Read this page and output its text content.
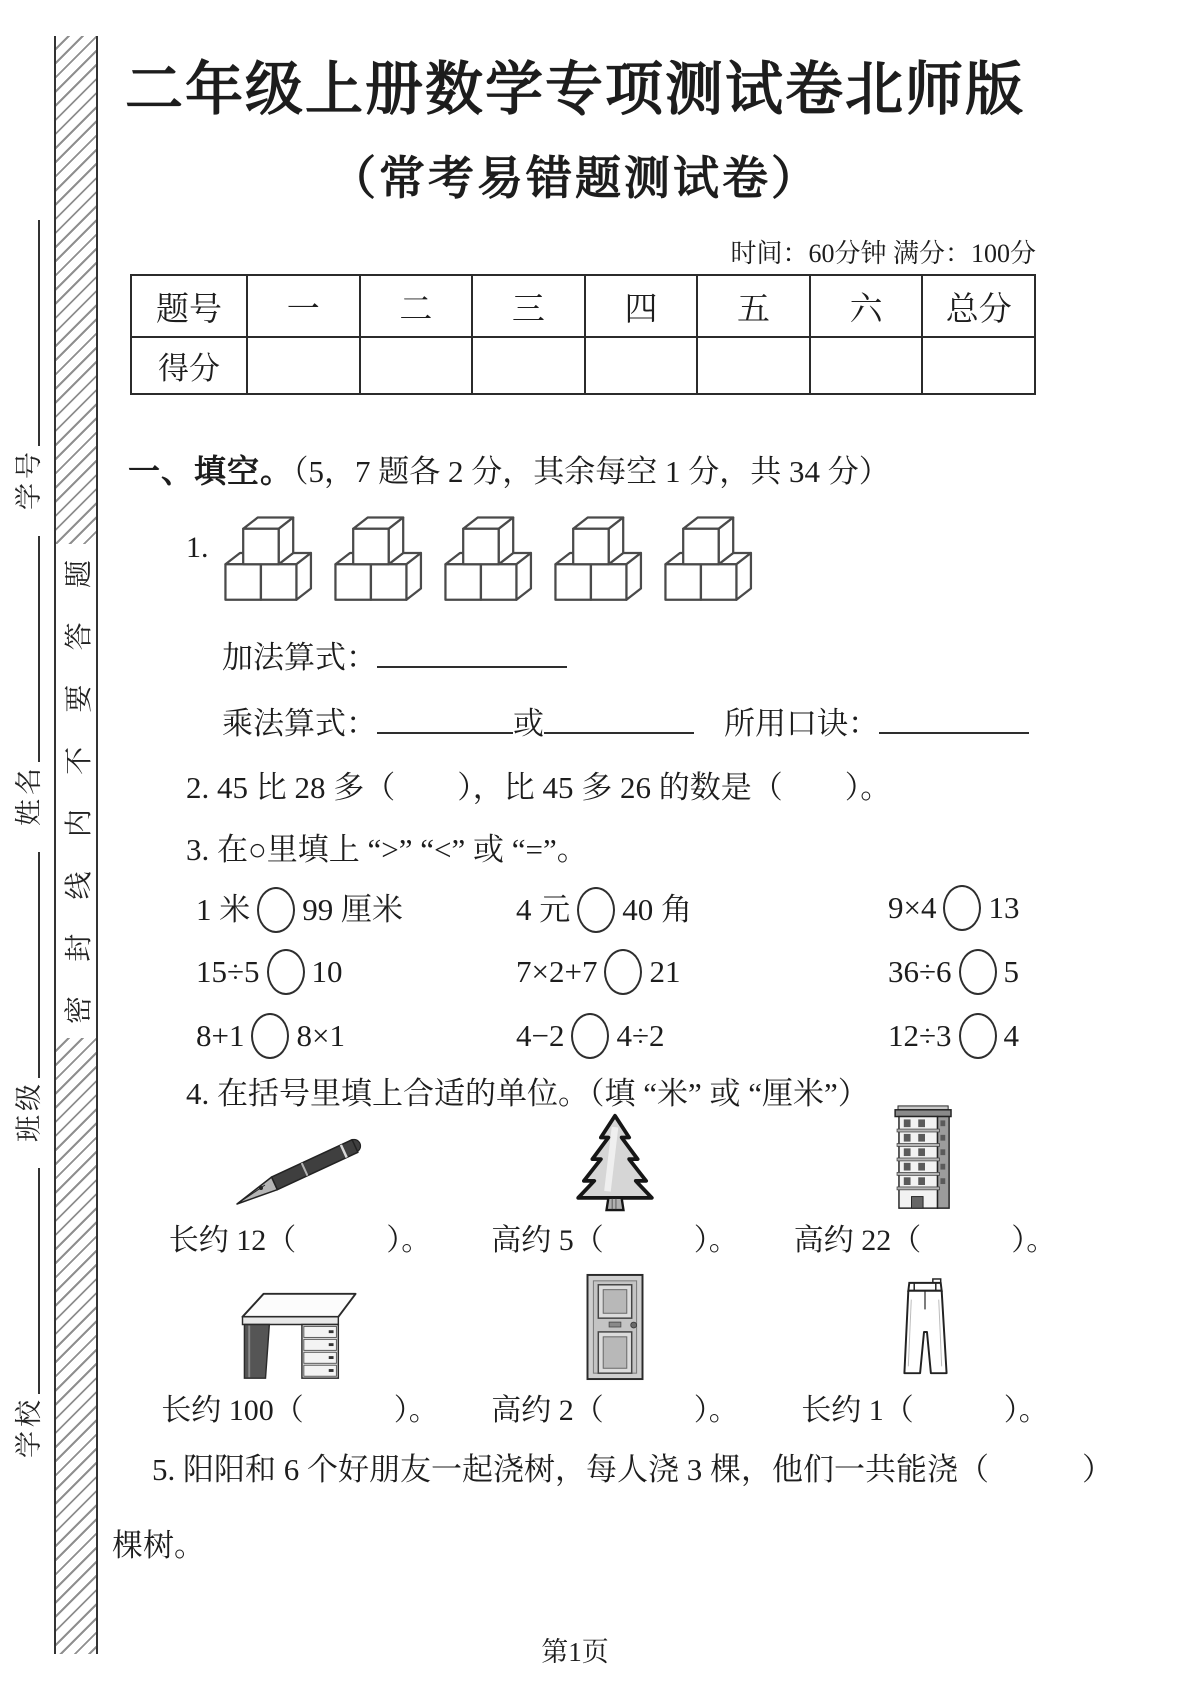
学校
班级
姓名
学号
密
封
线
内
不
要
答
题
二年级上册数学专项测试卷北师版
（常考易错题测试卷）
时间：60分钟 满分：100分
题号	一	二	三	四	五	六	总分
得分							
一、填空。（5，7 题各 2 分，其余每空 1 分，共 34 分）
1.
加法算式：
乘法算式：	或	所用口诀：
2. 45 比 28 多（　　），比 45 多 26 的数是（　　）。
3. 在○里填上 “>” “<” 或 “=”。
1 米 99 厘米	4 元 40 角	9×4 13
15÷5 10	7×2+7 21	36÷6 5
8+1 8×1	4−2 4÷2	12÷3 4
4. 在括号里填上合适的单位。（填 “米” 或 “厘米”）
长约 12（　　　）。 高约 5（　　　）。 高约 22（　　　）。
长约 100（　　　）。 高约 2（　　　）。 长约 1（　　　）。
5. 阳阳和 6 个好朋友一起浇树，每人浇 3 棵，他们一共能浇（　　　）
棵树。
第1页
